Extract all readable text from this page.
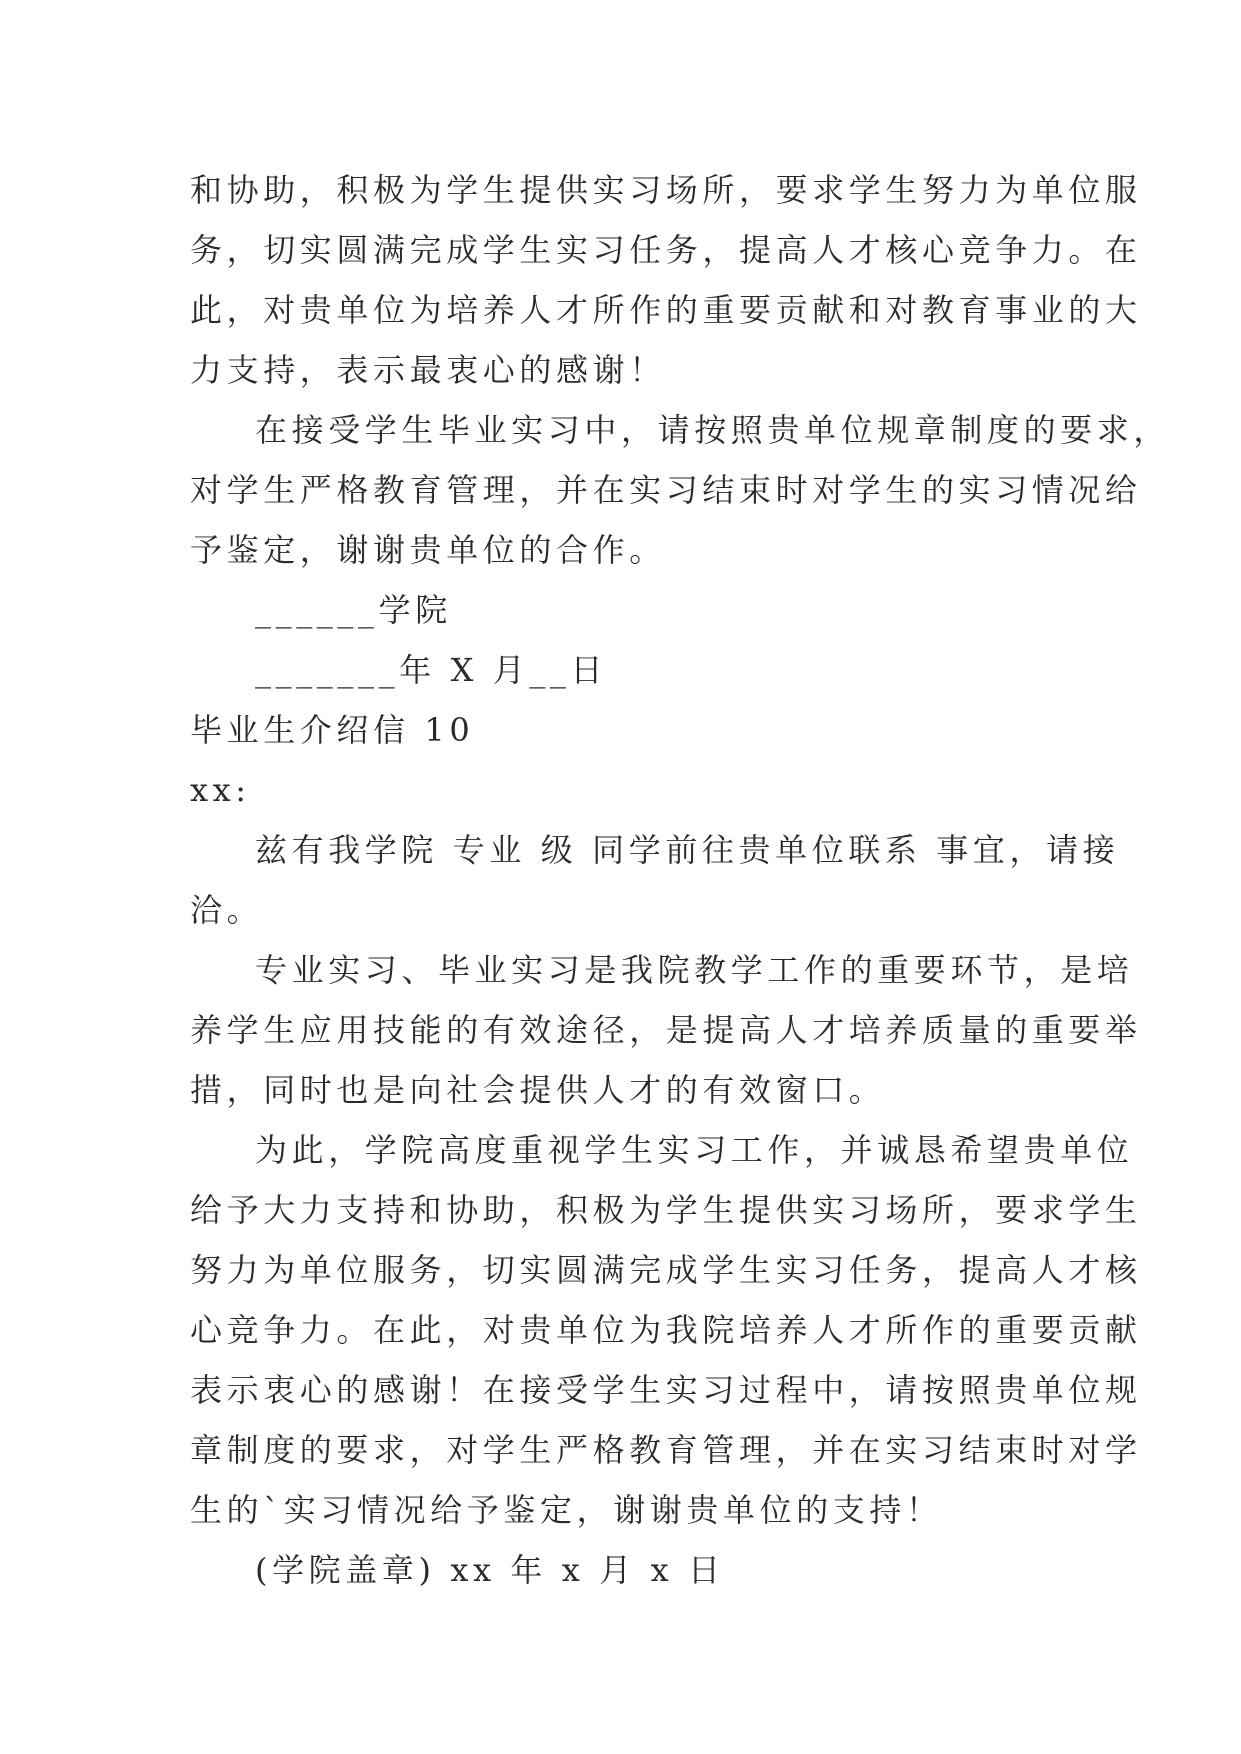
和协助，积极为学生提供实习场所，要求学生努力为单位服
务，切实圆满完成学生实习任务，提高人才核心竞争力。在
此，对贵单位为培养人才所作的重要贡献和对教育事业的大
力支持，表示最衷心的感谢！
在接受学生毕业实习中，请按照贵单位规章制度的要求，
对学生严格教育管理，并在实习结束时对学生的实习情况给
予鉴定，谢谢贵单位的合作。
______学院
_______年 X 月__日
毕业生介绍信 10
xx:
兹有我学院 专业 级 同学前往贵单位联系 事宜，请接
洽。
专业实习、毕业实习是我院教学工作的重要环节，是培
养学生应用技能的有效途径，是提高人才培养质量的重要举
措，同时也是向社会提供人才的有效窗口。
为此，学院高度重视学生实习工作，并诚恳希望贵单位
给予大力支持和协助，积极为学生提供实习场所，要求学生
努力为单位服务，切实圆满完成学生实习任务，提高人才核
心竞争力。在此，对贵单位为我院培养人才所作的重要贡献
表示衷心的感谢！在接受学生实习过程中，请按照贵单位规
章制度的要求，对学生严格教育管理，并在实习结束时对学
生的`实习情况给予鉴定，谢谢贵单位的支持！
(学院盖章) xx 年 x 月 x 日
